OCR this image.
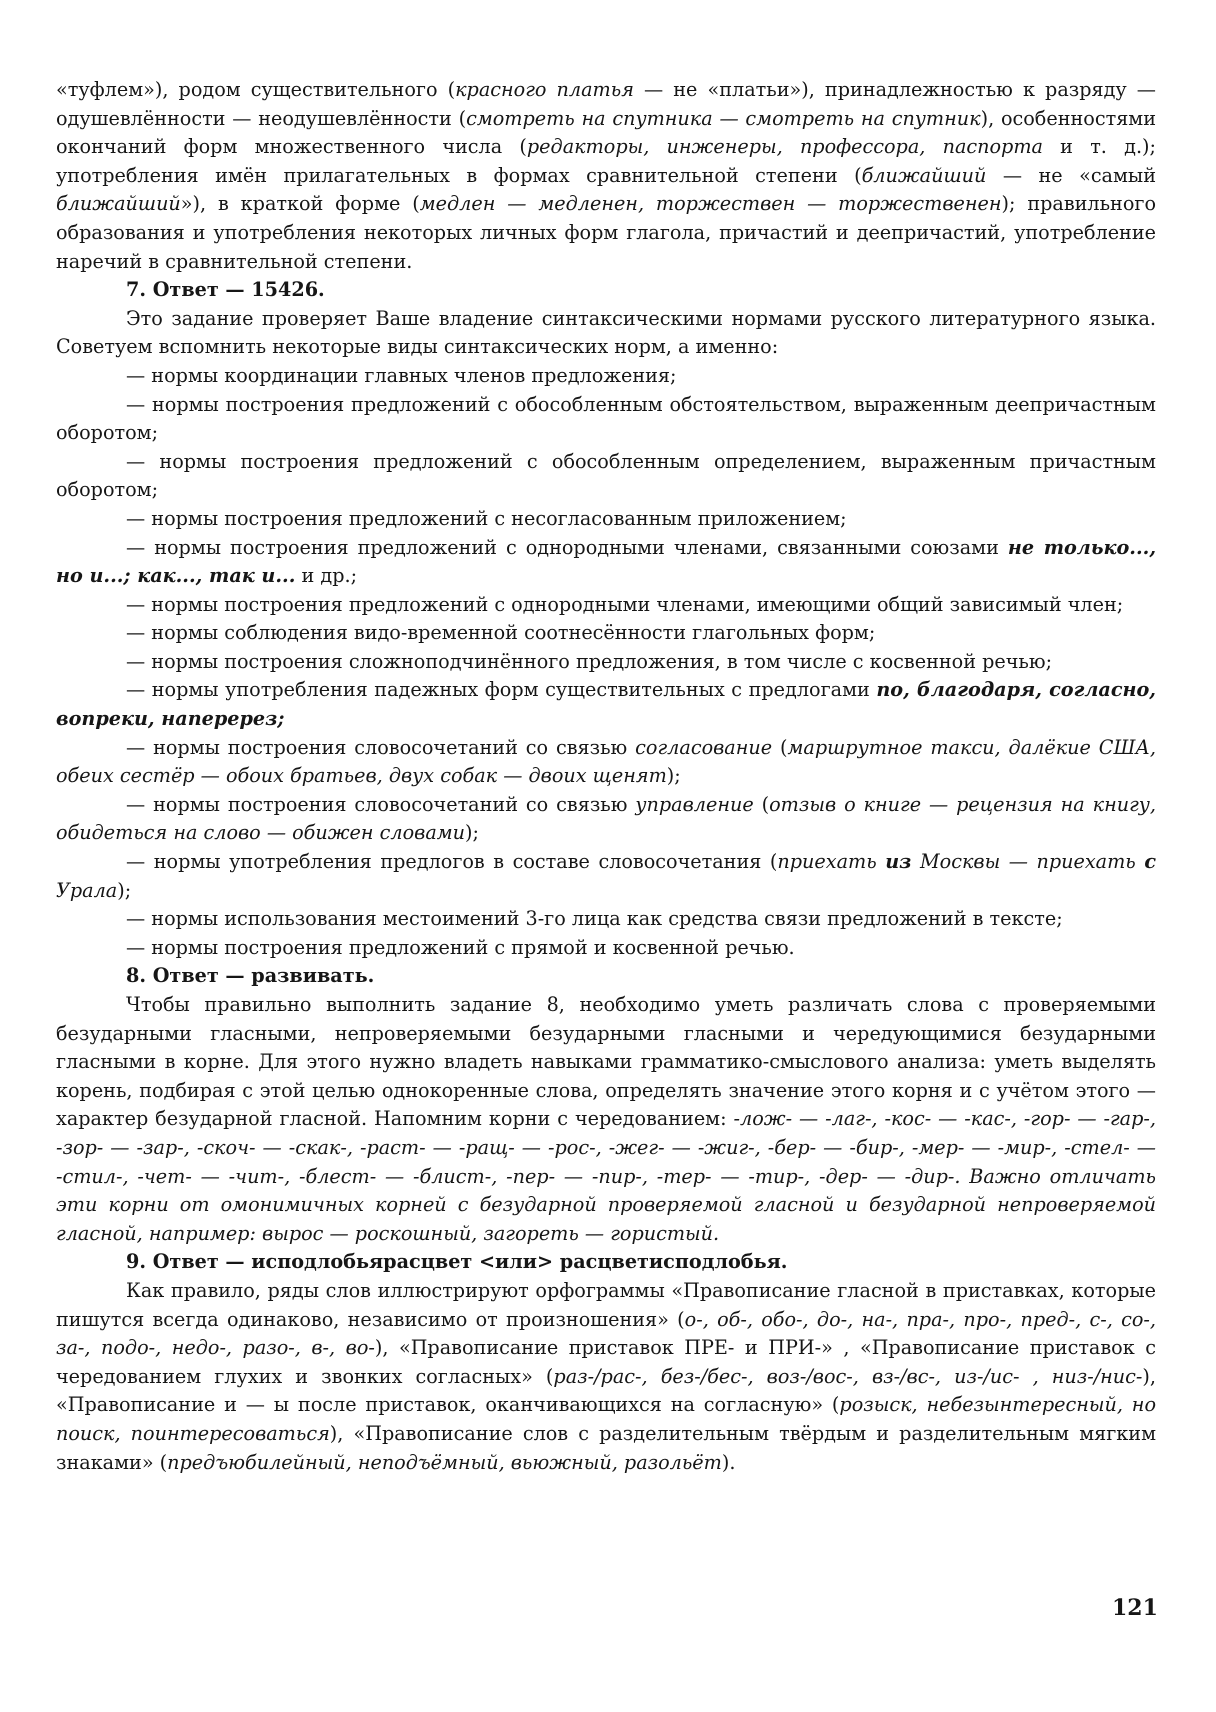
«туфлем»), родом существительного (красного платья — не «платьи»), принадлежностью к разряду — одушевлённости — неодушевлённости (смотреть на спутника — смотреть на спутник), особенностями окончаний форм множественного числа (редакторы, инженеры, профессора, паспорта и т. д.); употребления имён прилагательных в формах сравнительной степени (ближайший — не «самый ближайший»), в краткой форме (медлен — медленен, торжествен — торжественен); правильного образования и употребления некоторых личных форм глагола, причастий и деепричастий, употребление наречий в сравнительной степени.

7. Ответ — 15426.

Это задание проверяет Ваше владение синтаксическими нормами русского литературного языка. Советуем вспомнить некоторые виды синтаксических норм, а именно:

— нормы координации главных членов предложения;

— нормы построения предложений с обособленным обстоятельством, выраженным деепричастным оборотом;

— нормы построения предложений с обособленным определением, выраженным причастным оборотом;

— нормы построения предложений с несогласованным приложением;

— нормы построения предложений с однородными членами, связанными союзами не только..., но и...; как..., так и... и др.;

— нормы построения предложений с однородными членами, имеющими общий зависимый член;

— нормы соблюдения видо-временной соотнесённости глагольных форм;

— нормы построения сложноподчинённого предложения, в том числе с косвенной речью;

— нормы употребления падежных форм существительных с предлогами по, благодаря, согласно, вопреки, наперерез;

— нормы построения словосочетаний со связью согласование (маршрутное такси, далёкие США, обеих сестёр — обоих братьев, двух собак — двоих щенят);

— нормы построения словосочетаний со связью управление (отзыв о книге — рецензия на книгу, обидеться на слово — обижен словами);

— нормы употребления предлогов в составе словосочетания (приехать из Москвы — приехать с Урала);

— нормы использования местоимений 3-го лица как средства связи предложений в тексте;

— нормы построения предложений с прямой и косвенной речью.

8. Ответ — развивать.

Чтобы правильно выполнить задание 8, необходимо уметь различать слова с проверяемыми безударными гласными, непроверяемыми безударными гласными и чередующимися безударными гласными в корне. Для этого нужно владеть навыками грамматико-смыслового анализа: уметь выделять корень, подбирая с этой целью однокоренные слова, определять значение этого корня и с учётом этого — характер безударной гласной. Напомним корни с чередованием: -лож- — -лаг-, -кос- — -кас-, -гор- — -гар-, -зор- — -зар-, -скоч- — -скак-, -раст- — -ращ- — -рос-, -жег- — -жиг-, -бер- — -бир-, -мер- — -мир-, -стел- — -стил-, -чет- — -чит-, -блест- — -блист-, -пер- — -пир-, -тер- — -тир-, -дер- — -дир-. Важно отличать эти корни от омонимичных корней с безударной проверяемой гласной и безударной непроверяемой гласной, например: вырос — роскошный, загореть — гористый.

9. Ответ — исподлобьярасцвет <или> расцветисподлобья.

Как правило, ряды слов иллюстрируют орфограммы «Правописание гласной в приставках, которые пишутся всегда одинаково, независимо от произношения» (о-, об-, обо-, до-, на-, пра-, про-, пред-, с-, со-, за-, подо-, недо-, разо-, в-, во-), «Правописание приставок ПРЕ- и ПРИ-» , «Правописание приставок с чередованием глухих и звонких согласных» (раз-/рас-, без-/бес-, воз-/вос-, вз-/вс-, из-/ис- , низ-/нис-), «Правописание и — ы после приставок, оканчивающихся на согласную» (розыск, небезынтересный, но поиск, поинтересоваться), «Правописание слов с разделительным твёрдым и разделительным мягким знаками» (предъюбилейный, неподъёмный, вьюжный, разольёт).

121
